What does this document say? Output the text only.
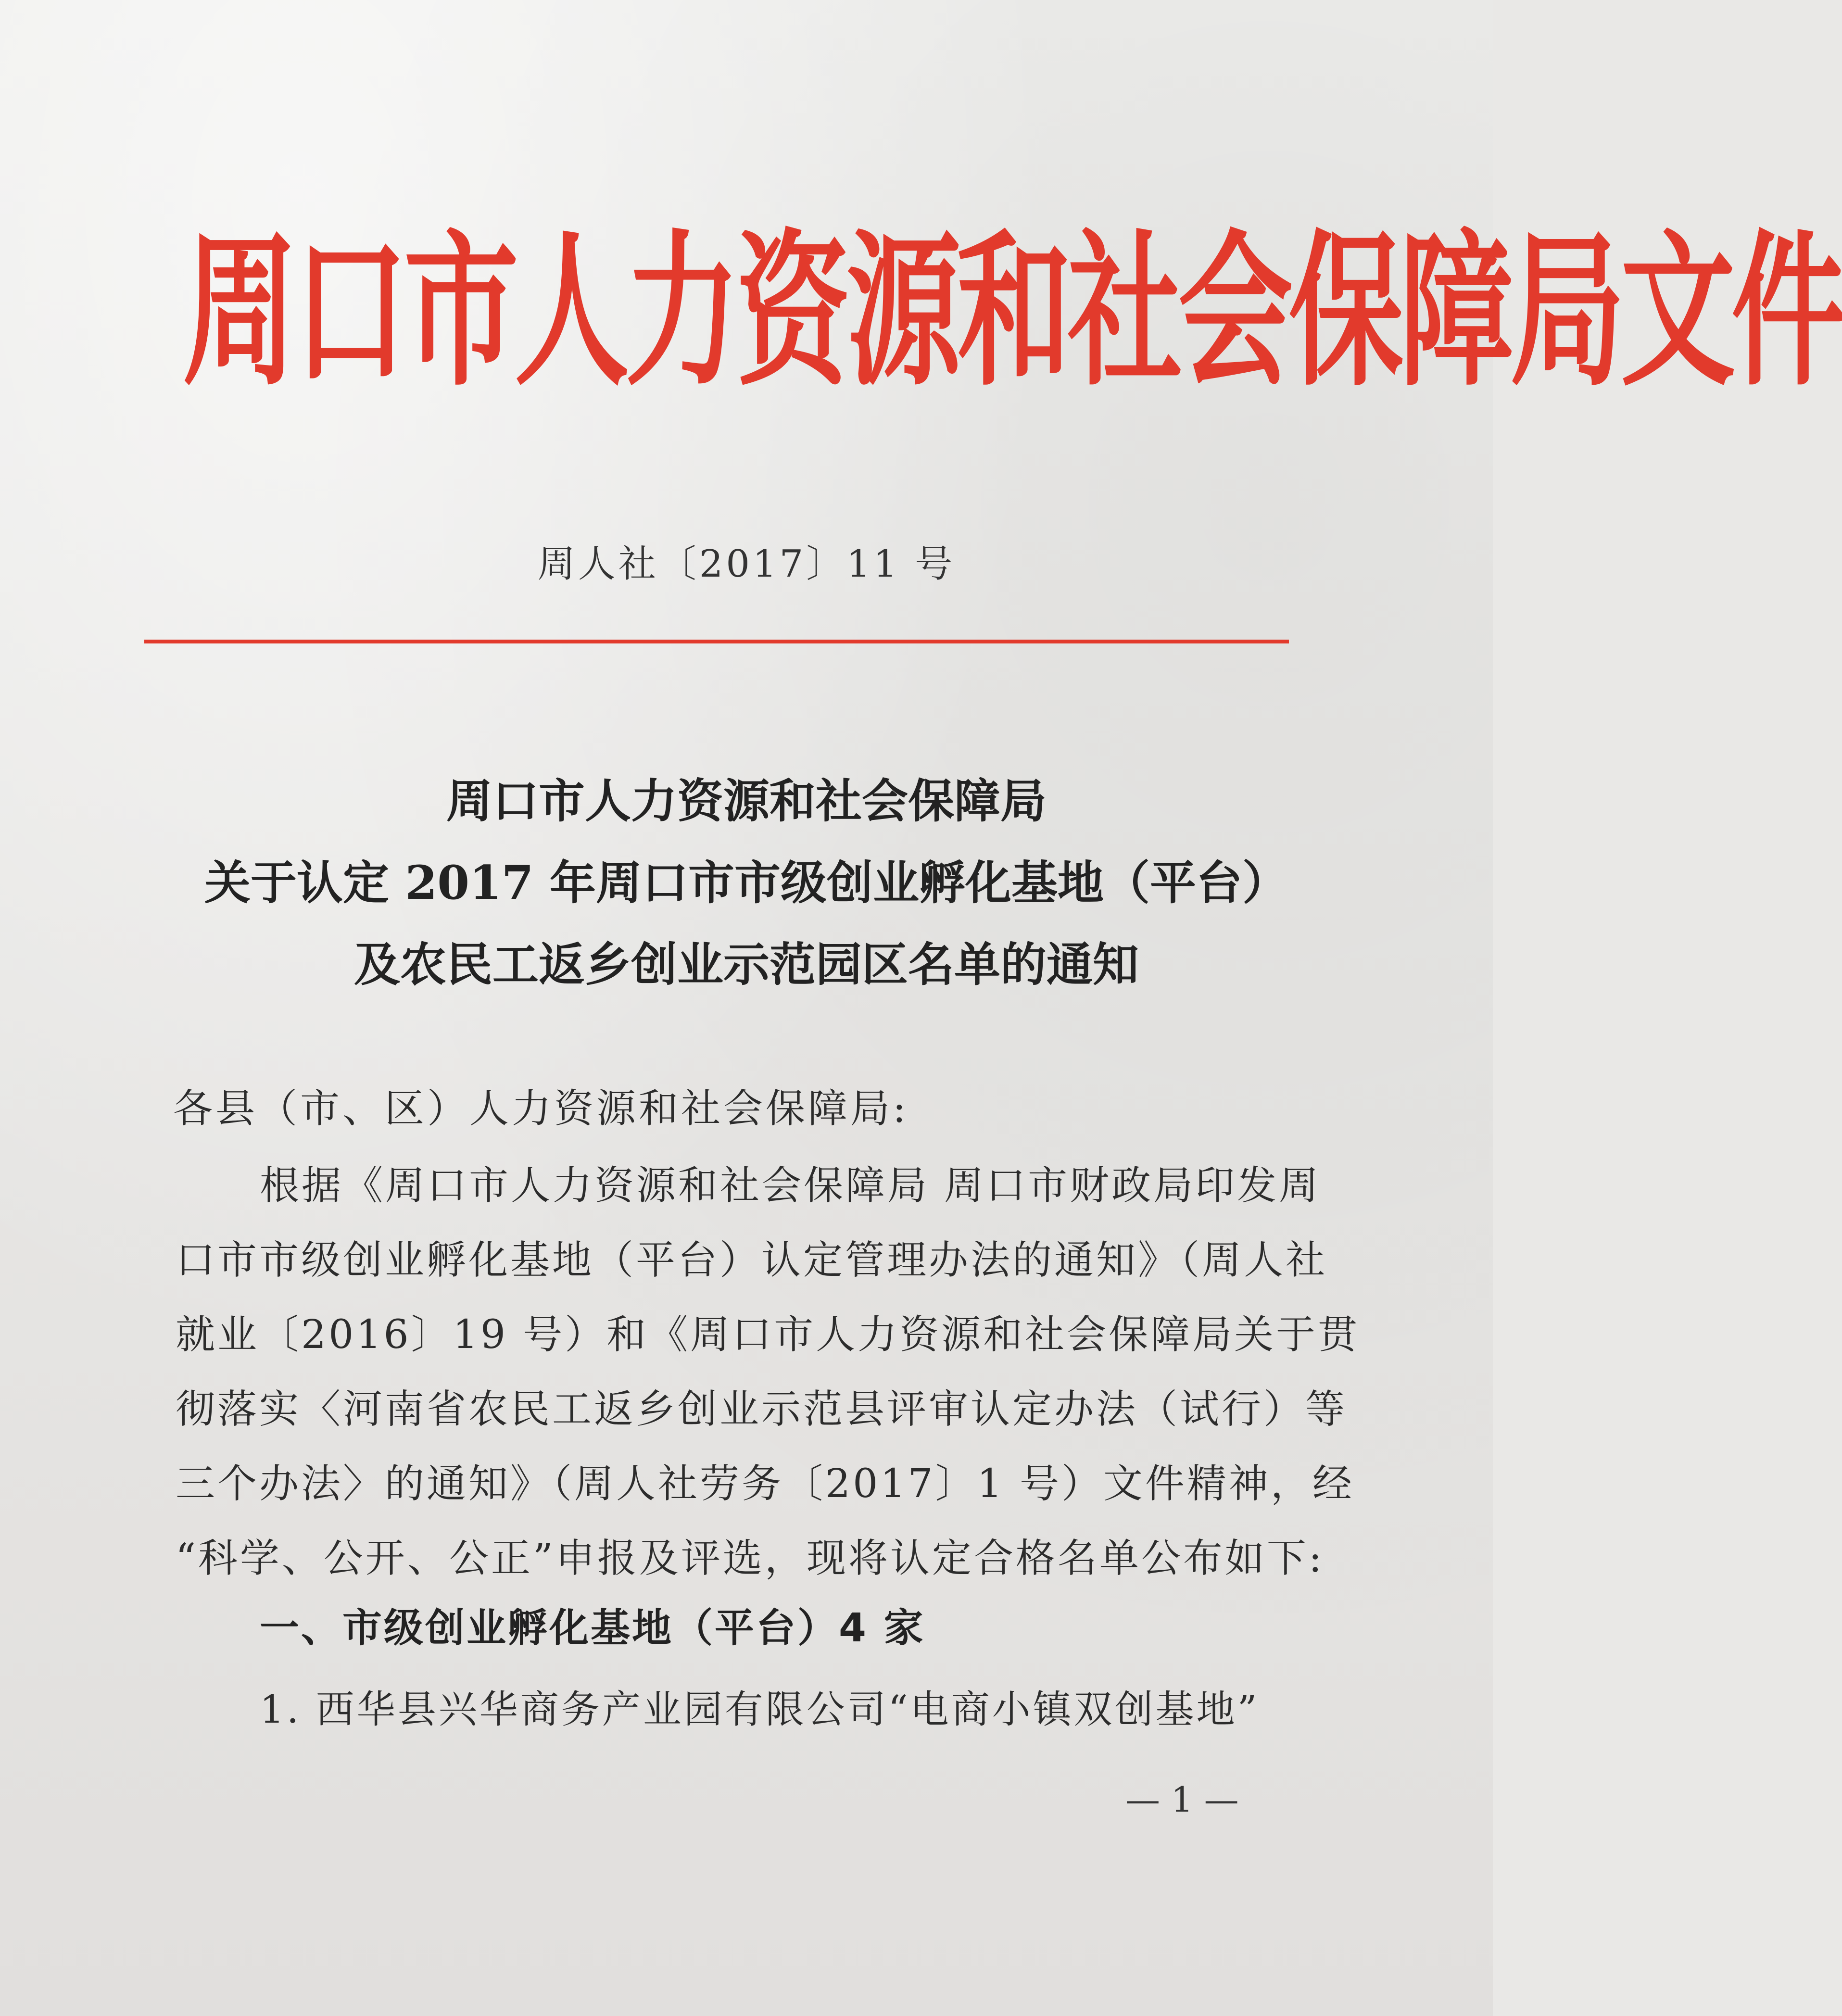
周口市人力资源和社会保障局文件
周人社〔2017〕11 号
周口市人力资源和社会保障局
关于认定 2017 年周口市市级创业孵化基地（平台）
及农民工返乡创业示范园区名单的通知
各县（市、区）人力资源和社会保障局:
根据《周口市人力资源和社会保障局 周口市财政局印发周
口市市级创业孵化基地（平台）认定管理办法的通知》（周人社
就业〔2016〕19 号）和《周口市人力资源和社会保障局关于贯
彻落实〈河南省农民工返乡创业示范县评审认定办法（试行）等
三个办法〉的通知》（周人社劳务〔2017〕1 号）文件精神，经
“科学、公开、公正”申报及评选，现将认定合格名单公布如下:
一、市级创业孵化基地（平台）4 家
1. 西华县兴华商务产业园有限公司“电商小镇双创基地”
— 1 —
